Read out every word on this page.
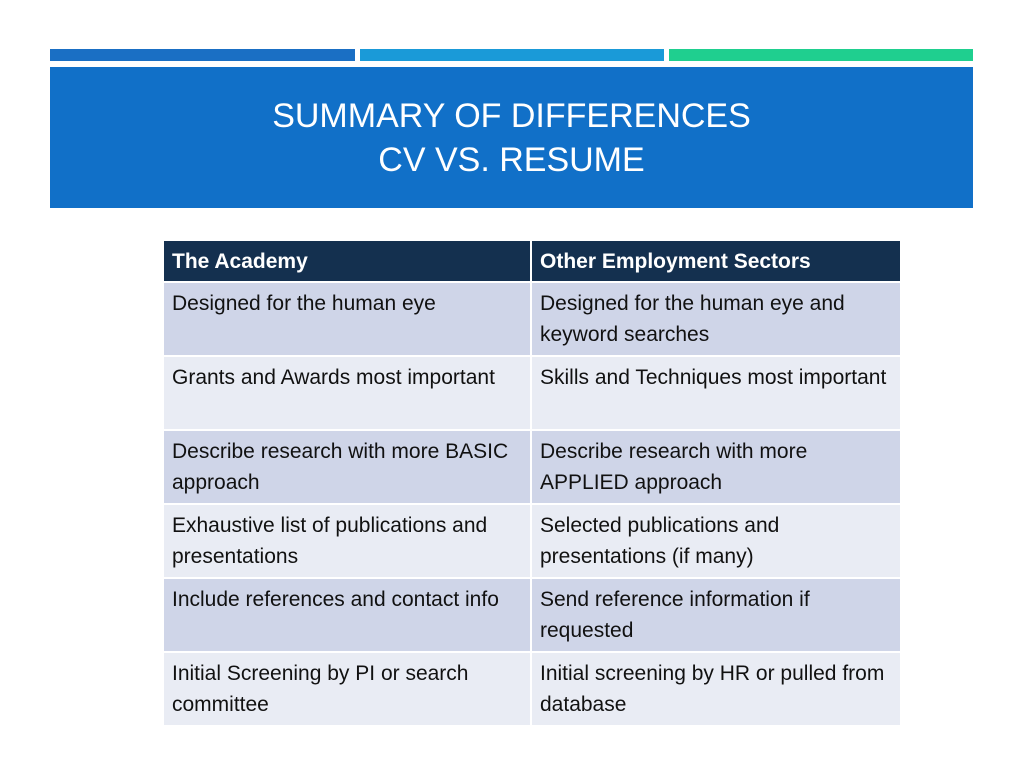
SUMMARY OF DIFFERENCES
CV VS. RESUME
The Academy	Other Employment Sectors
Designed for the human eye	Designed for the human eye and keyword searches
Grants and Awards most important	Skills and Techniques most important
Describe research with more BASIC approach	Describe research with more APPLIED approach
Exhaustive list of publications and presentations	Selected publications and presentations (if many)
Include references and contact info	Send reference information if requested
Initial Screening by PI or search committee	Initial screening by HR or pulled from database
